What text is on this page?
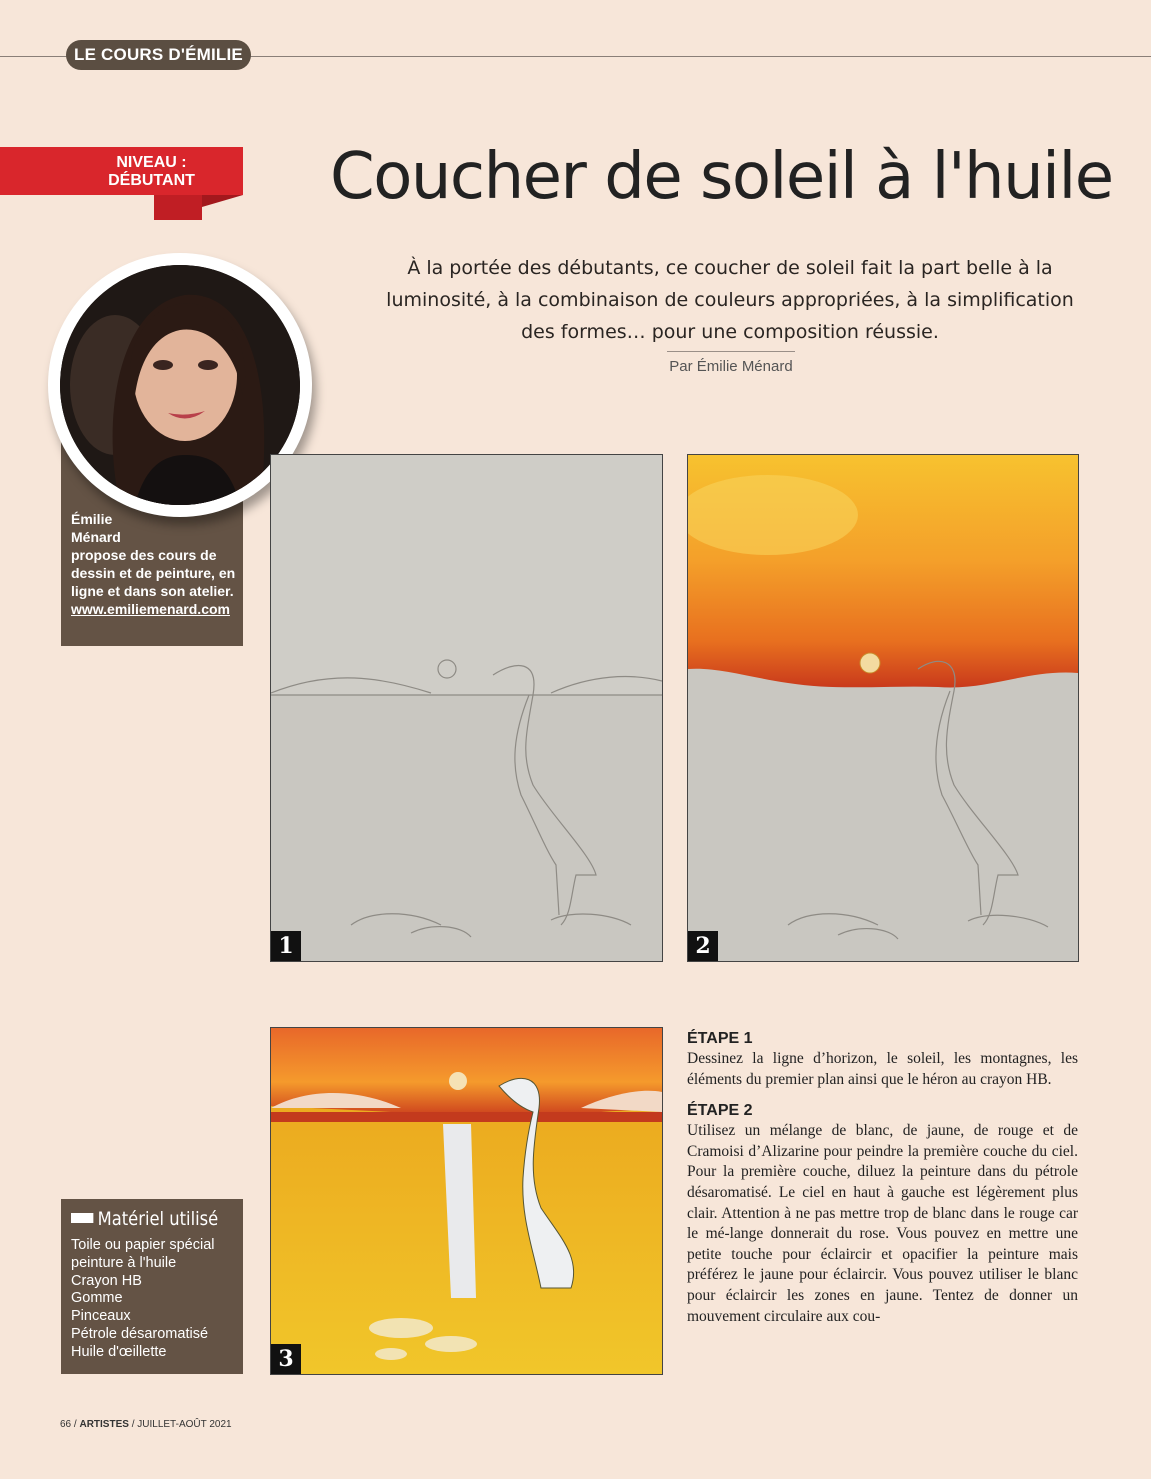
LE COURS D'ÉMILIE
NIVEAU :
DÉBUTANT	Coucher de soleil à l'huile

À la portée des débutants, ce coucher de soleil fait la part belle à la luminosité, à la combinaison de couleurs appropriées, à la simplification des formes… pour une composition réussie.

Par Émilie Ménard
Émilie
Ménard
propose des cours de dessin et de peinture, en ligne et dans son atelier.
www.emiliemenard.com
1	2
3
ÉTAPE 1

Dessinez la ligne d’horizon, le soleil, les montagnes, les éléments du premier plan ainsi que le héron au crayon HB.

ÉTAPE 2

Utilisez un mélange de blanc, de jaune, de rouge et de Cramoisi d’Alizarine pour peindre la première couche du ciel. Pour la première couche, diluez la peinture dans du pétrole désaromatisé. Le ciel en haut à gauche est légèrement plus clair. Attention à ne pas mettre trop de blanc dans le rouge car le mé-lange donnerait du rose. Vous pouvez en mettre une petite touche pour éclaircir et opacifier la peinture mais préférez le jaune pour éclaircir. Vous pouvez utiliser le blanc pour éclaircir les zones en jaune. Tentez de donner un mouvement circulaire aux cou-

Matériel utilisé
Toile ou papier spécial
peinture à l'huile
Crayon HB
Gomme
Pinceaux
Pétrole désaromatisé
Huile d'œillette
66 / ARTISTES / JUILLET-AOÛT 2021
